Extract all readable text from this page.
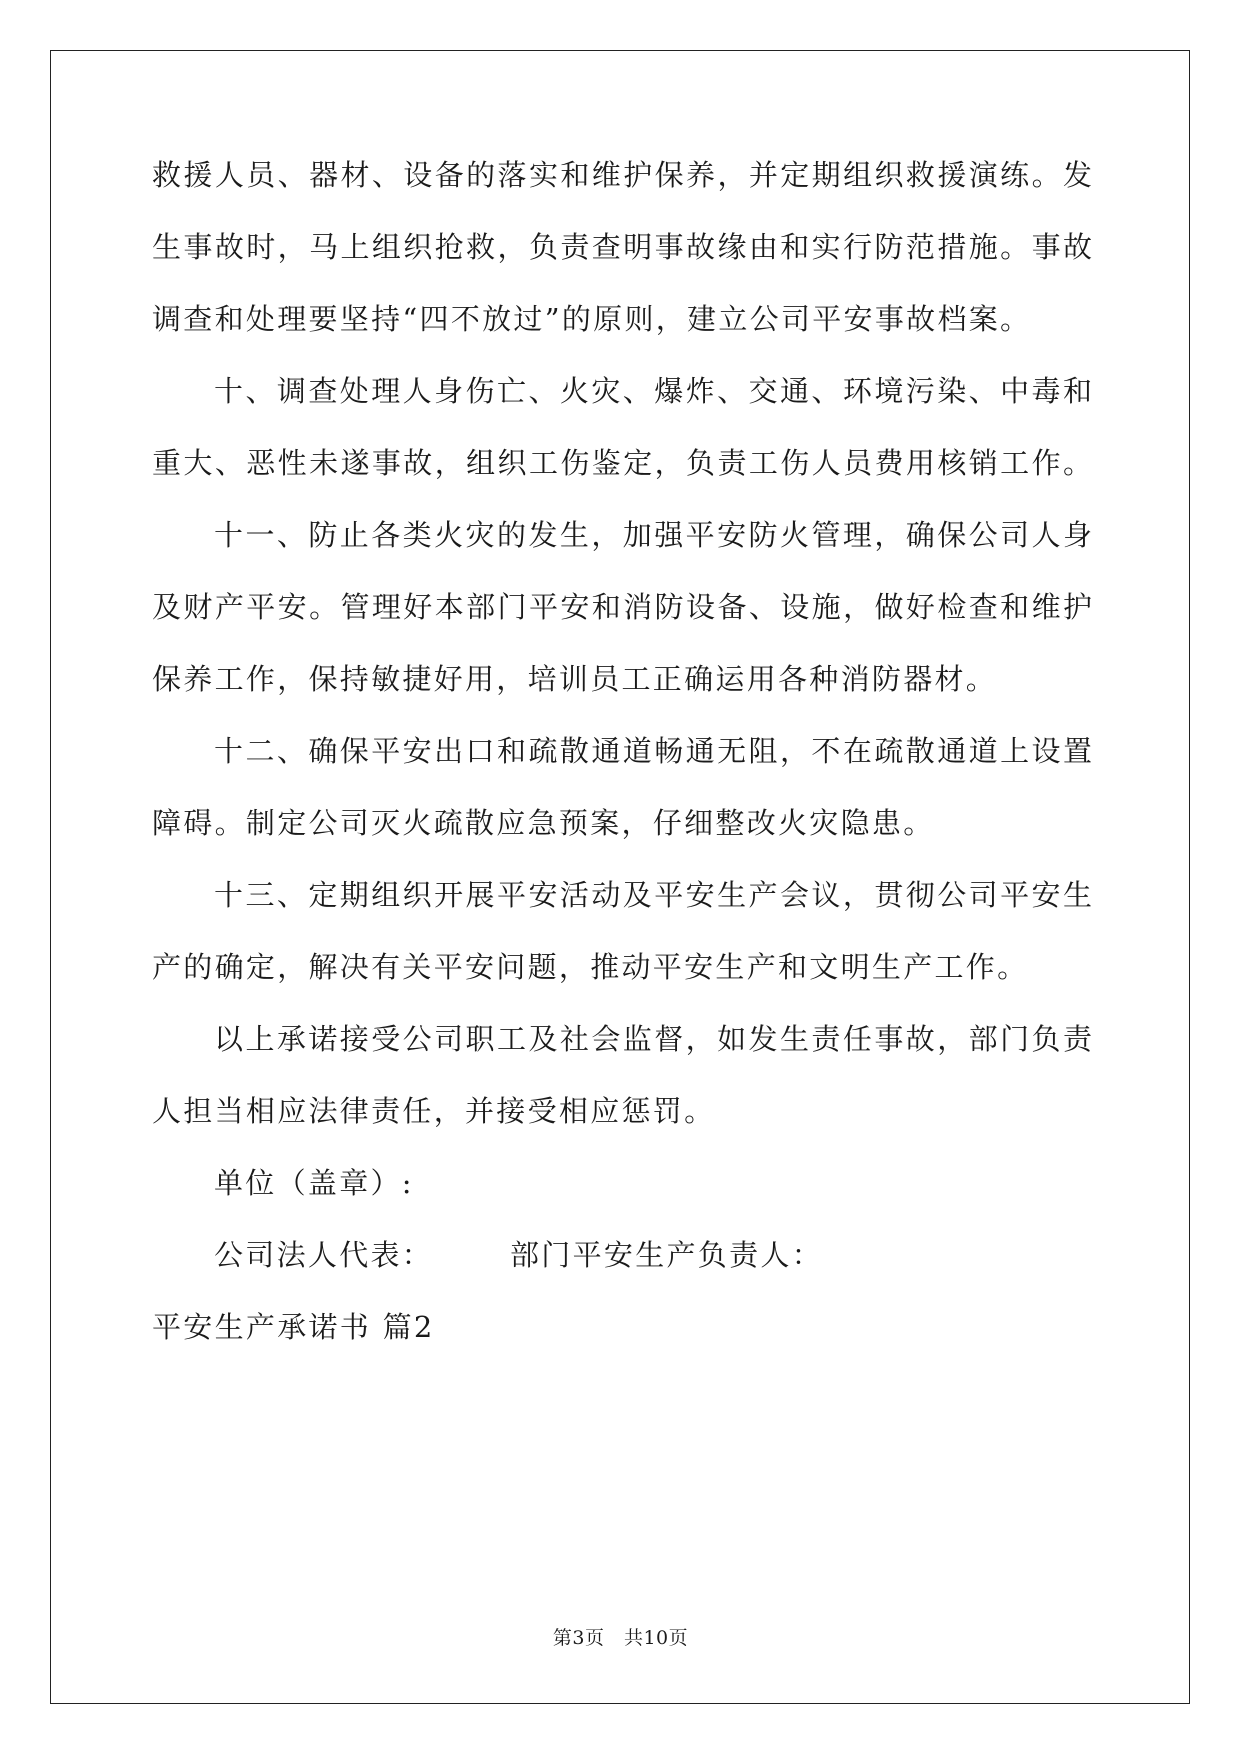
救援人员、器材、设备的落实和维护保养，并定期组织救援演练。发
生事故时，马上组织抢救，负责查明事故缘由和实行防范措施。事故
调查和处理要坚持“四不放过”的原则，建立公司平安事故档案。
十、调查处理人身伤亡、火灾、爆炸、交通、环境污染、中毒和
重大、恶性未遂事故，组织工伤鉴定，负责工伤人员费用核销工作。
十一、防止各类火灾的发生，加强平安防火管理，确保公司人身
及财产平安。管理好本部门平安和消防设备、设施，做好检查和维护
保养工作，保持敏捷好用，培训员工正确运用各种消防器材。
十二、确保平安出口和疏散通道畅通无阻，不在疏散通道上设置
障碍。制定公司灭火疏散应急预案，仔细整改火灾隐患。
十三、定期组织开展平安活动及平安生产会议，贯彻公司平安生
产的确定，解决有关平安问题，推动平安生产和文明生产工作。
以上承诺接受公司职工及社会监督，如发生责任事故，部门负责
人担当相应法律责任，并接受相应惩罚。
单位（盖章）:
公司法人代表：	部门平安生产负责人：
平安生产承诺书 篇2
第3页　共10页
